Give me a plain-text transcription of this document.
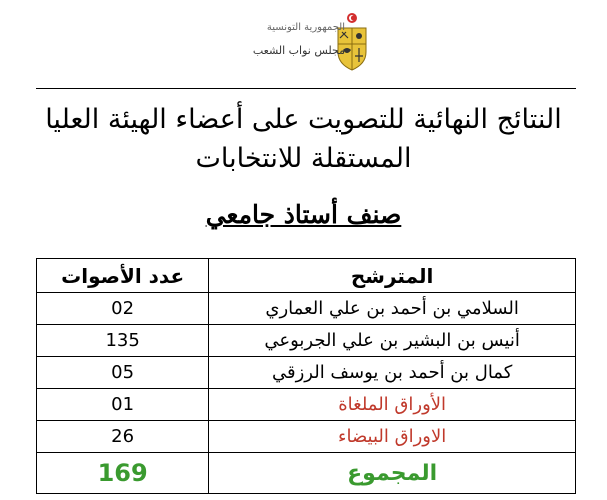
الجمهورية التونسية
مجلس نواب الشعب
النتائج النهائية للتصويت على أعضاء الهيئة العليا
المستقلة للانتخابات
صنف أستاذ جامعي
المترشح	عدد الأصوات
السلامي بن أحمد بن علي العماري	02
أنيس بن البشير بن علي الجربوعي	135
كمال بن أحمد بن يوسف الرزقي	05
الأوراق الملغاة	01
الاوراق البيضاء	26
المجموع	169
